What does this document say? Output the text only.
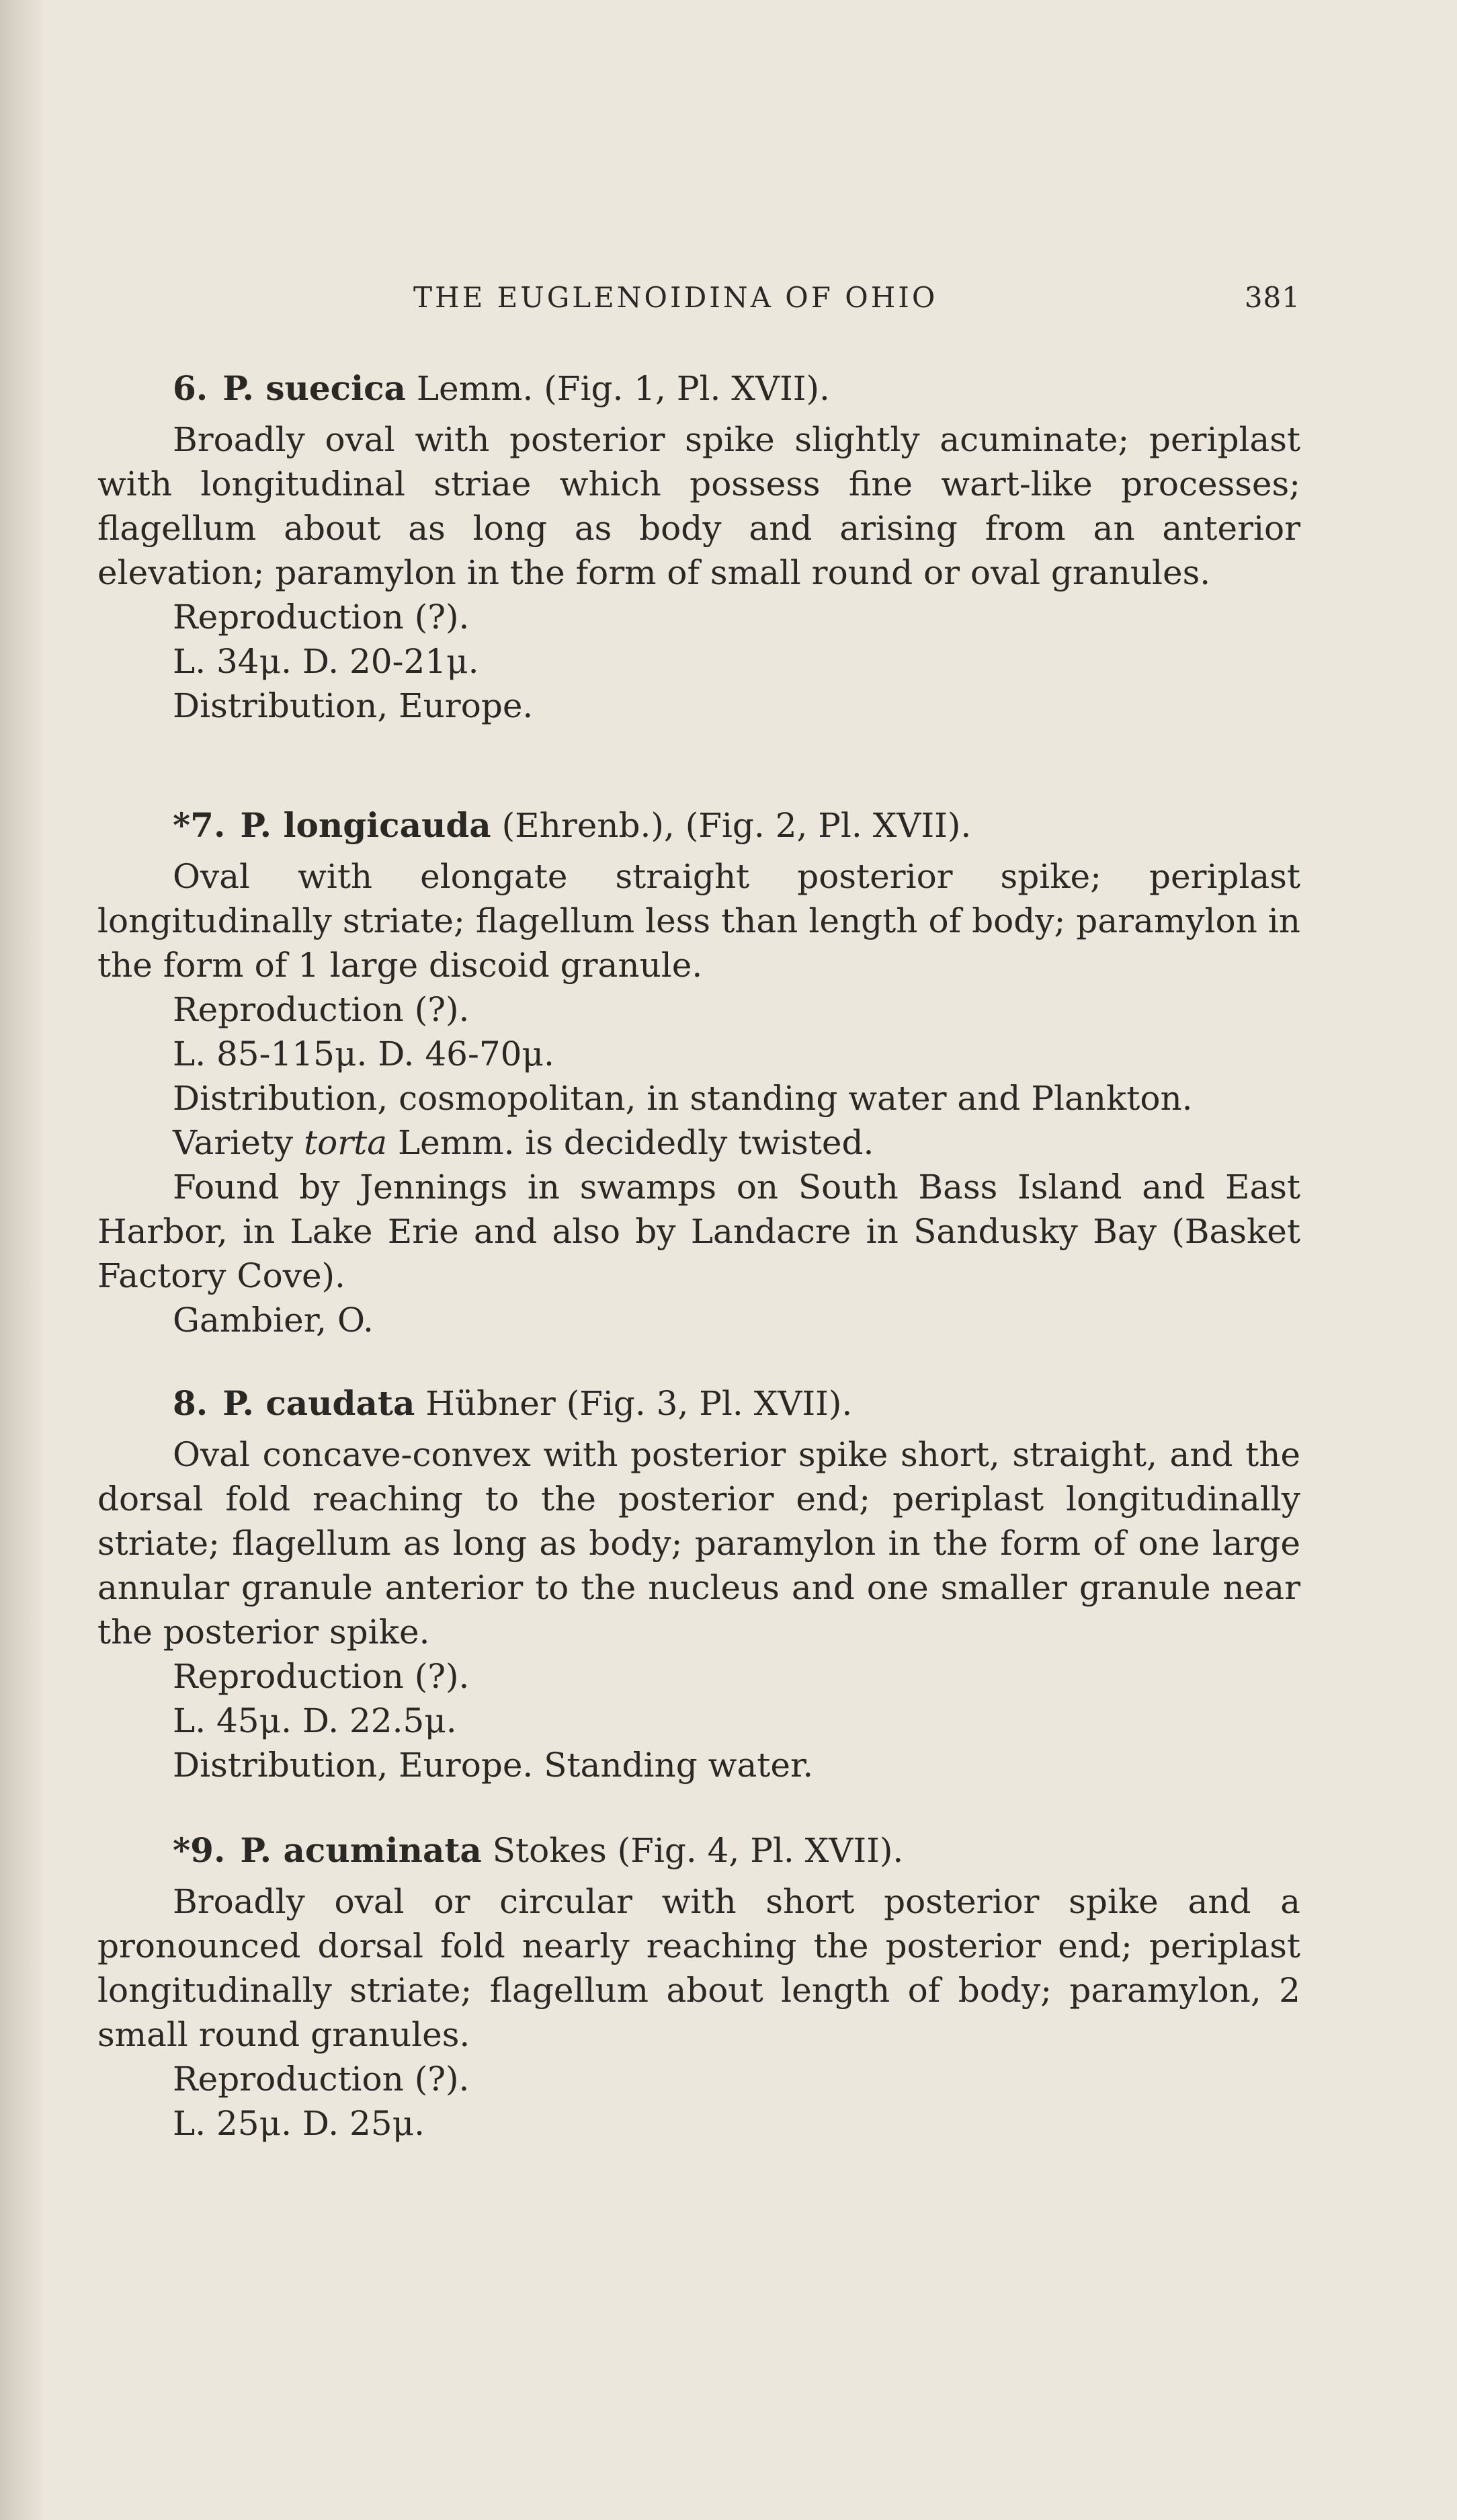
THE EUGLENOIDINA OF OHIO	381
6. P. suecica Lemm. (Fig. 1, Pl. XVII).

Broadly oval with posterior spike slightly acuminate; periplast with longitudinal striae which possess fine wart-like processes; flagellum about as long as body and arising from an anterior elevation; paramylon in the form of small round or oval granules.

Reproduction (?).
L. 34μ. D. 20-21μ.
Distribution, Europe.
*7. P. longicauda (Ehrenb.), (Fig. 2, Pl. XVII).

Oval with elongate straight posterior spike; periplast longitudinally striate; flagellum less than length of body; paramylon in the form of 1 large discoid granule.

Reproduction (?).
L. 85-115μ. D. 46-70μ.
Distribution, cosmopolitan, in standing water and Plankton.
Variety torta Lemm. is decidedly twisted.

Found by Jennings in swamps on South Bass Island and East Harbor, in Lake Erie and also by Landacre in Sandusky Bay (Basket Factory Cove).

Gambier, O.
8. P. caudata Hübner (Fig. 3, Pl. XVII).

Oval concave-convex with posterior spike short, straight, and the dorsal fold reaching to the posterior end; periplast longitudinally striate; flagellum as long as body; paramylon in the form of one large annular granule anterior to the nucleus and one smaller granule near the posterior spike.

Reproduction (?).
L. 45μ. D. 22.5μ.
Distribution, Europe. Standing water.
*9. P. acuminata Stokes (Fig. 4, Pl. XVII).

Broadly oval or circular with short posterior spike and a pronounced dorsal fold nearly reaching the posterior end; periplast longitudinally striate; flagellum about length of body; paramylon, 2 small round granules.

Reproduction (?).
L. 25μ. D. 25μ.
